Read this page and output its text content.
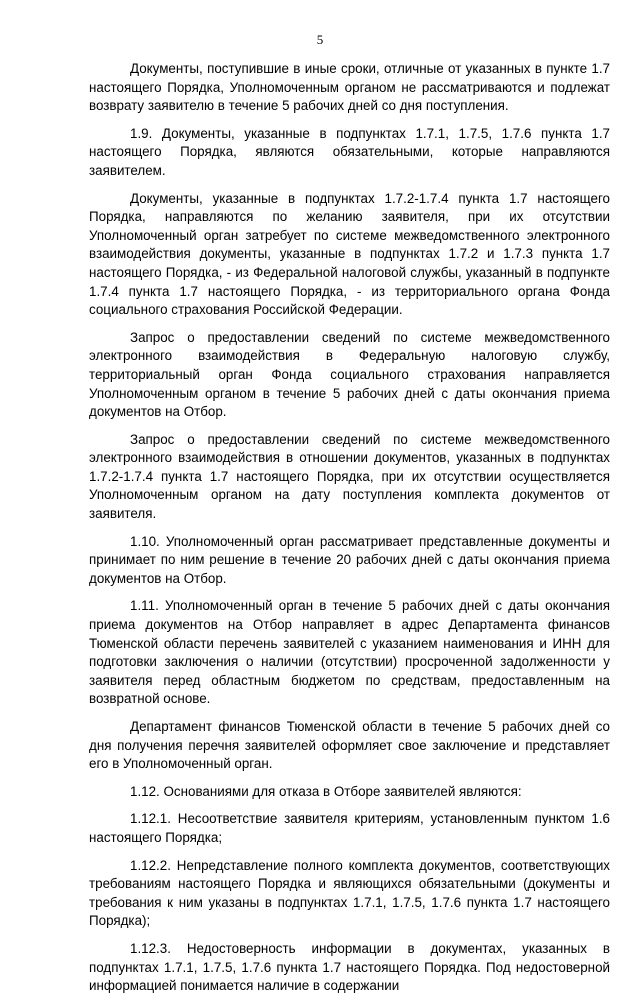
5

Документы, поступившие в иные сроки, отличные от указанных в пункте 1.7 настоящего Порядка, Уполномоченным органом не рассматриваются и подлежат возврату заявителю в течение 5 рабочих дней со дня поступления.

1.9. Документы, указанные в подпунктах 1.7.1, 1.7.5, 1.7.6 пункта 1.7 настоящего Порядка, являются обязательными, которые направляются заявителем.

Документы, указанные в подпунктах 1.7.2-1.7.4 пункта 1.7 настоящего Порядка, направляются по желанию заявителя, при их отсутствии Уполномоченный орган затребует по системе межведомственного электронного взаимодействия документы, указанные в подпунктах 1.7.2 и 1.7.3 пункта 1.7 настоящего Порядка, - из Федеральной налоговой службы, указанный в подпункте 1.7.4 пункта 1.7 настоящего Порядка, - из территориального органа Фонда социального страхования Российской Федерации.

Запрос о предоставлении сведений по системе межведомственного электронного взаимодействия в Федеральную налоговую службу, территориальный орган Фонда социального страхования направляется Уполномоченным органом в течение 5 рабочих дней с даты окончания приема документов на Отбор.

Запрос о предоставлении сведений по системе межведомственного электронного взаимодействия в отношении документов, указанных в подпунктах 1.7.2-1.7.4 пункта 1.7 настоящего Порядка, при их отсутствии осуществляется Уполномоченным органом на дату поступления комплекта документов от заявителя.

1.10. Уполномоченный орган рассматривает представленные документы и принимает по ним решение в течение 20 рабочих дней с даты окончания приема документов на Отбор.

1.11. Уполномоченный орган в течение 5 рабочих дней с даты окончания приема документов на Отбор направляет в адрес Департамента финансов Тюменской области перечень заявителей с указанием наименования и ИНН для подготовки заключения о наличии (отсутствии) просроченной задолженности у заявителя перед областным бюджетом по средствам, предоставленным на возвратной основе.

Департамент финансов Тюменской области в течение 5 рабочих дней со дня получения перечня заявителей оформляет свое заключение и представляет его в Уполномоченный орган.

1.12. Основаниями для отказа в Отборе заявителей являются:

1.12.1. Несоответствие заявителя критериям, установленным пунктом 1.6 настоящего Порядка;

1.12.2. Непредставление полного комплекта документов, соответствующих требованиям настоящего Порядка и являющихся обязательными (документы и требования к ним указаны в подпунктах 1.7.1, 1.7.5, 1.7.6 пункта 1.7 настоящего Порядка);

1.12.3. Недостоверность информации в документах, указанных в подпунктах 1.7.1, 1.7.5, 1.7.6 пункта 1.7 настоящего Порядка. Под недостоверной информацией понимается наличие в содержании
